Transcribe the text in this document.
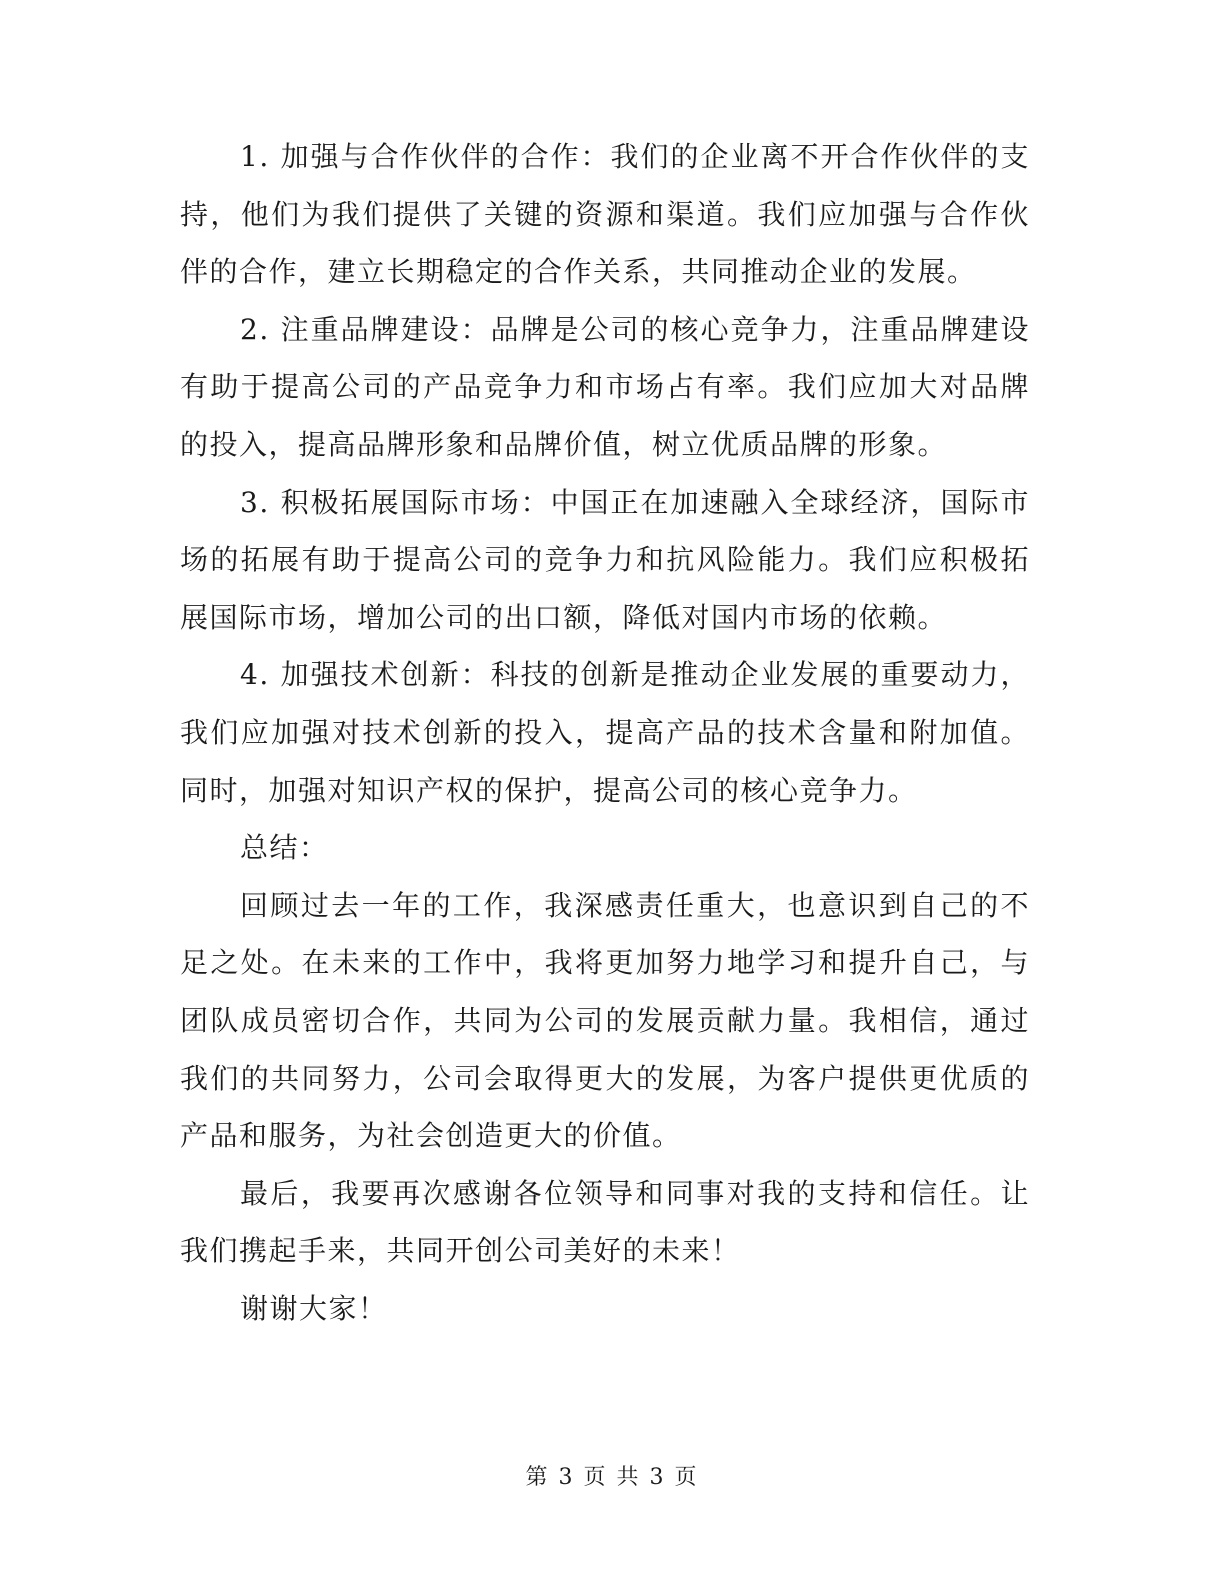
1. 加强与合作伙伴的合作：我们的企业离不开合作伙伴的支持，他们为我们提供了关键的资源和渠道。我们应加强与合作伙伴的合作，建立长期稳定的合作关系，共同推动企业的发展。

2. 注重品牌建设：品牌是公司的核心竞争力，注重品牌建设有助于提高公司的产品竞争力和市场占有率。我们应加大对品牌的投入，提高品牌形象和品牌价值，树立优质品牌的形象。

3. 积极拓展国际市场：中国正在加速融入全球经济，国际市场的拓展有助于提高公司的竞争力和抗风险能力。我们应积极拓展国际市场，增加公司的出口额，降低对国内市场的依赖。

4. 加强技术创新：科技的创新是推动企业发展的重要动力，我们应加强对技术创新的投入，提高产品的技术含量和附加值。同时，加强对知识产权的保护，提高公司的核心竞争力。

总结：

回顾过去一年的工作，我深感责任重大，也意识到自己的不足之处。在未来的工作中，我将更加努力地学习和提升自己，与团队成员密切合作，共同为公司的发展贡献力量。我相信，通过我们的共同努力，公司会取得更大的发展，为客户提供更优质的产品和服务，为社会创造更大的价值。

最后，我要再次感谢各位领导和同事对我的支持和信任。让我们携起手来，共同开创公司美好的未来！

谢谢大家！

第 3 页 共 3 页
